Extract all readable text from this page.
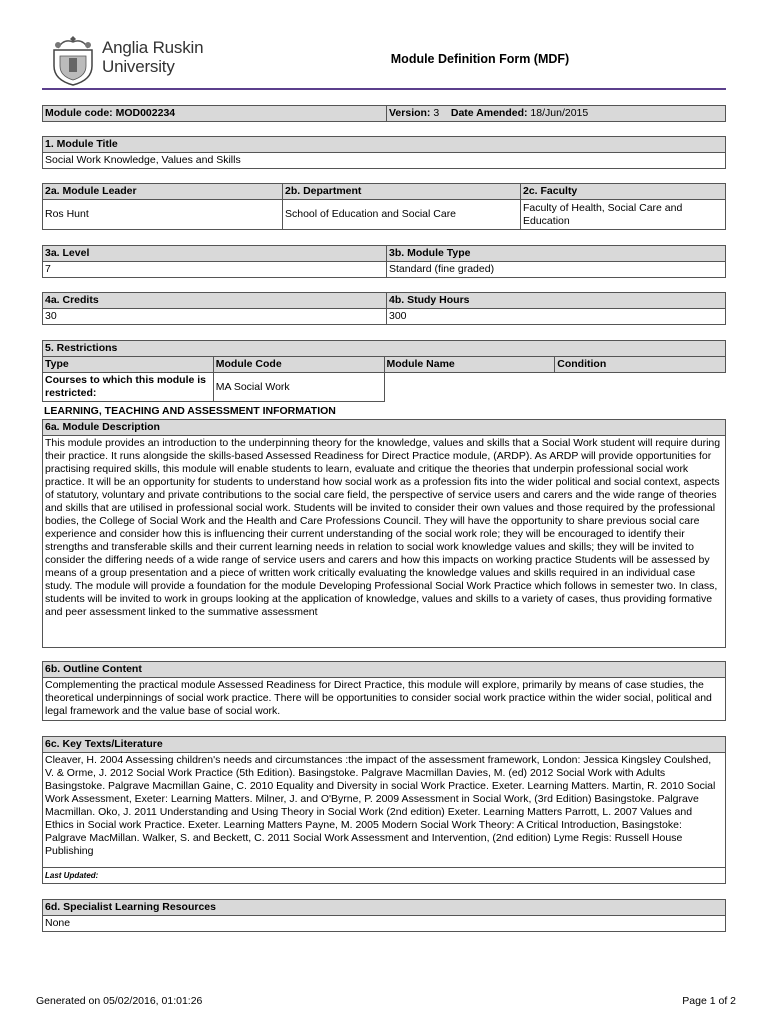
Anglia Ruskin
University	Module Definition Form (MDF)
Module code: MOD002234	Version: 3 Date Amended: 18/Jun/2015
1. Module Title
Social Work Knowledge, Values and Skills
2a. Module Leader	2b. Department	2c. Faculty
Ros Hunt	School of Education and Social Care	Faculty of Health, Social Care and Education
3a. Level	3b. Module Type
7	Standard (fine graded)
4a. Credits	4b. Study Hours
30	300
5. Restrictions			
Type	Module Code	Module Name	Condition
Courses to which this module is restricted:	MA Social Work		
LEARNING, TEACHING AND ASSESSMENT INFORMATION
6a. Module Description
This module provides an introduction to the underpinning theory for the knowledge, values and skills that a Social Work student will require during their practice. It runs alongside the skills-based Assessed Readiness for Direct Practice module, (ARDP). As ARDP will provide opportunities for practising required skills, this module will enable students to learn, evaluate and critique the theories that underpin professional social work practice. It will be an opportunity for students to understand how social work as a profession fits into the wider political and social context, aspects of statutory, voluntary and private contributions to the social care field, the perspective of service users and carers and the wide range of theories and skills that are utilised in professional social work. Students will be invited to consider their own values and those required by the professional bodies, the College of Social Work and the Health and Care Professions Council. They will have the opportunity to share previous social care experience and consider how this is influencing their current understanding of the social work role; they will be encouraged to identify their strengths and transferable skills and their current learning needs in relation to social work knowledge values and skills; they will be invited to consider the differing needs of a wide range of service users and carers and how this impacts on working practice Students will be assessed by means of a group presentation and a piece of written work critically evaluating the knowledge values and skills required in an individual case study. The module will provide a foundation for the module Developing Professional Social Work Practice which follows in semester two. In class, students will be invited to work in groups looking at the application of knowledge, values and skills to a variety of cases, thus providing formative and peer assessment linked to the summative assessment
6b. Outline Content
Complementing the practical module Assessed Readiness for Direct Practice, this module will explore, primarily by means of case studies, the theoretical underpinnings of social work practice. There will be opportunities to consider social work practice within the wider social, political and legal framework and the value base of social work.
6c. Key Texts/Literature
Cleaver, H. 2004 Assessing children's needs and circumstances :the impact of the assessment framework, London: Jessica Kingsley Coulshed, V. & Orme, J. 2012 Social Work Practice (5th Edition). Basingstoke. Palgrave Macmillan Davies, M. (ed) 2012 Social Work with Adults Basingstoke. Palgrave Macmillan Gaine, C. 2010 Equality and Diversity in social Work Practice. Exeter. Learning Matters. Martin, R. 2010 Social Work Assessment, Exeter: Learning Matters. Milner, J. and O'Byrne, P. 2009 Assessment in Social Work, (3rd Edition) Basingstoke. Palgrave Macmillan. Oko, J. 2011 Understanding and Using Theory in Social Work (2nd edition) Exeter. Learning Matters Parrott, L. 2007 Values and Ethics in Social work Practice. Exeter. Learning Matters Payne, M. 2005 Modern Social Work Theory: A Critical Introduction, Basingstoke: Palgrave MacMillan. Walker, S. and Beckett, C. 2011 Social Work Assessment and Intervention, (2nd edition) Lyme Regis: Russell House Publishing
Last Updated:
6d. Specialist Learning Resources
None
Generated on 05/02/2016, 01:01:26	Page 1 of 2
